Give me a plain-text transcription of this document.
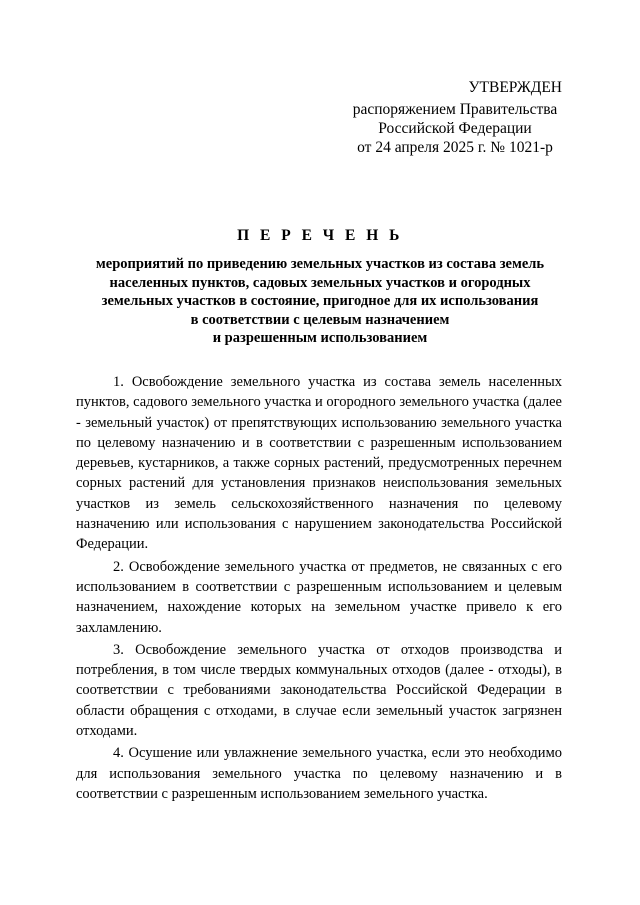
УТВЕРЖДЕН
распоряжением Правительства
Российской Федерации
от 24 апреля 2025 г. № 1021-р
П Е Р Е Ч Е Н Ь
мероприятий по приведению земельных участков из состава земель
населенных пунктов, садовых земельных участков и огородных
земельных участков в состояние, пригодное для их использования
в соответствии с целевым назначением
и разрешенным использованием

1. Освобождение земельного участка из состава земель населенных пунктов, садового земельного участка и огородного земельного участка (далее - земельный участок) от препятствующих использованию земельного участка по целевому назначению и в соответствии с разрешенным использованием деревьев, кустарников, а также сорных растений, предусмотренных перечнем сорных растений для установления признаков неиспользования земельных участков из земель сельскохозяйственного назначения по целевому назначению или использования с нарушением законодательства Российской Федерации.

2. Освобождение земельного участка от предметов, не связанных с его использованием в соответствии с разрешенным использованием и целевым назначением, нахождение которых на земельном участке привело к его захламлению.

3. Освобождение земельного участка от отходов производства и потребления, в том числе твердых коммунальных отходов (далее - отходы), в соответствии с требованиями законодательства Российской Федерации в области обращения с отходами, в случае если земельный участок загрязнен отходами.

4. Осушение или увлажнение земельного участка, если это необходимо для использования земельного участка по целевому назначению и в соответствии с разрешенным использованием земельного участка.
